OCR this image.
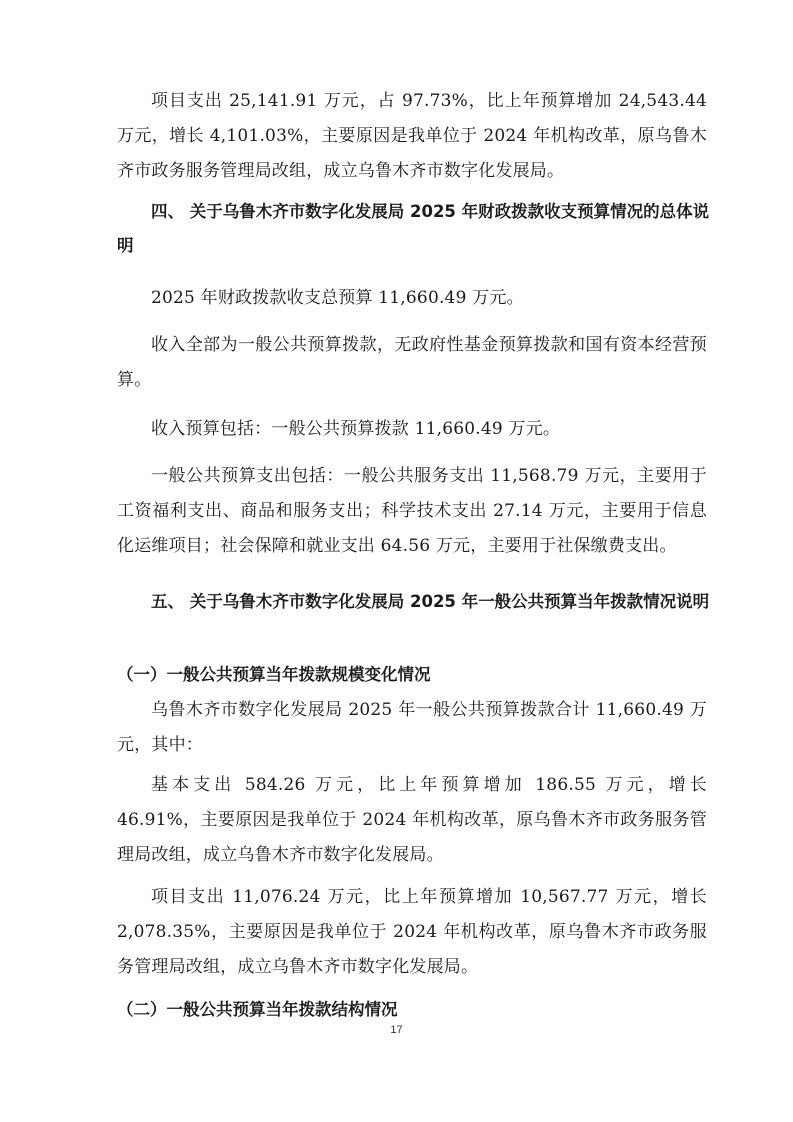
项目支出 25,141.91 万元，占 97.73%，比上年预算增加 24,543.44 万元，增长 4,101.03%，主要原因是我单位于 2024 年机构改革，原乌鲁木齐市政务服务管理局改组，成立乌鲁木齐市数字化发展局。

四、 关于乌鲁木齐市数字化发展局 2025 年财政拨款收支预算情况的总体说明

2025 年财政拨款收支总预算 11,660.49 万元。

收入全部为一般公共预算拨款，无政府性基金预算拨款和国有资本经营预算。

收入预算包括：一般公共预算拨款 11,660.49 万元。

一般公共预算支出包括：一般公共服务支出 11,568.79 万元，主要用于工资福利支出、商品和服务支出；科学技术支出 27.14 万元，主要用于信息化运维项目；社会保障和就业支出 64.56 万元，主要用于社保缴费支出。

五、 关于乌鲁木齐市数字化发展局 2025 年一般公共预算当年拨款情况说明

（一）一般公共预算当年拨款规模变化情况

乌鲁木齐市数字化发展局 2025 年一般公共预算拨款合计 11,660.49 万元，其中：

基本支出 584.26 万元，比上年预算增加 186.55 万元，增长 46.91%，主要原因是我单位于 2024 年机构改革，原乌鲁木齐市政务服务管理局改组，成立乌鲁木齐市数字化发展局。

项目支出 11,076.24 万元，比上年预算增加 10,567.77 万元，增长 2,078.35%，主要原因是我单位于 2024 年机构改革，原乌鲁木齐市政务服务管理局改组，成立乌鲁木齐市数字化发展局。

（二）一般公共预算当年拨款结构情况

17
